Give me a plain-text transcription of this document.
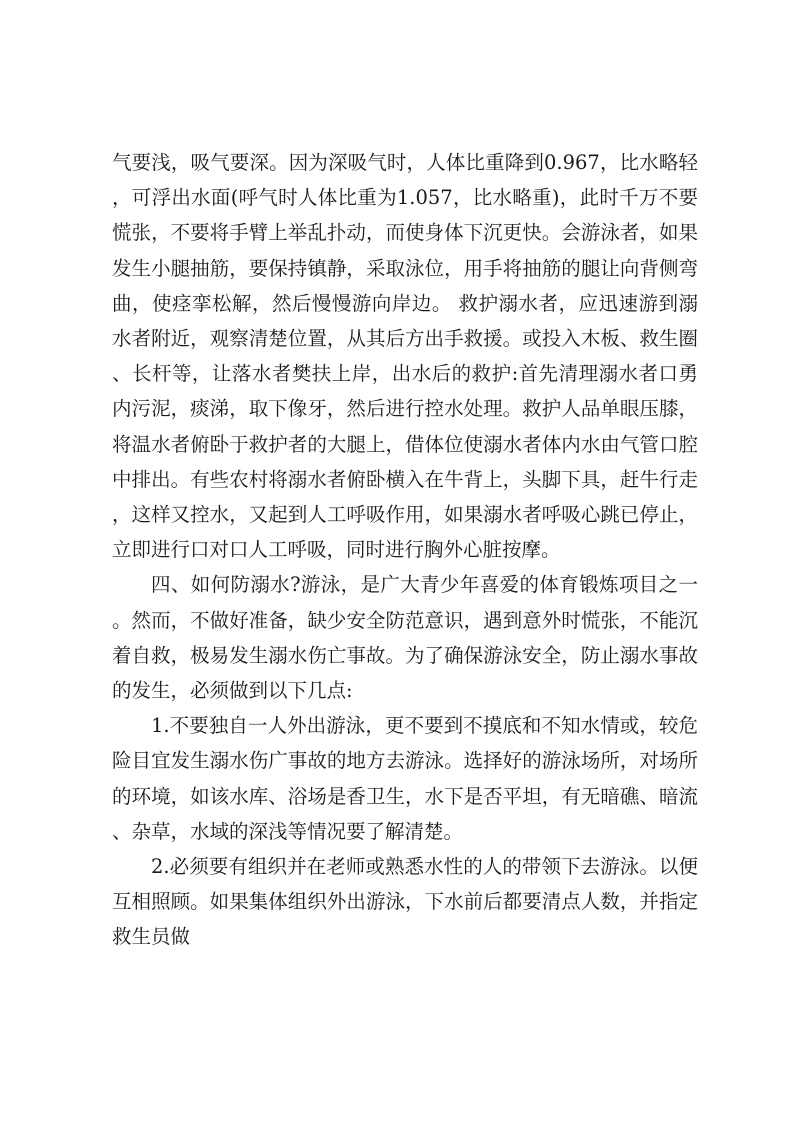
气要浅，吸气要深。因为深吸气时，人体比重降到0.967，比水略轻，可浮出水面(呼气时人体比重为1.057，比水略重)，此时千万不要慌张，不要将手臂上举乱扑动，而使身体下沉更快。会游泳者，如果发生小腿抽筋，要保持镇静，采取泳位，用手将抽筋的腿让向背侧弯曲，使痉挛松解，然后慢慢游向岸边。 救护溺水者，应迅速游到溺水者附近，观察清楚位置，从其后方出手救援。或投入木板、救生圈、长杆等，让落水者樊扶上岸，出水后的救护:首先清理溺水者口勇内污泥，痰涕，取下像牙，然后进行控水处理。救护人品单眼压膝，将温水者俯卧于救护者的大腿上，借体位使溺水者体内水由气管口腔中排出。有些农村将溺水者俯卧横入在牛背上，头脚下具，赶牛行走，这样又控水，又起到人工呼吸作用，如果溺水者呼吸心跳已停止，立即进行口对口人工呼吸，同时进行胸外心脏按摩。

四、如何防溺水?游泳，是广大青少年喜爱的体育锻炼项目之一。然而，不做好准备，缺少安全防范意识，遇到意外时慌张，不能沉着自救，极易发生溺水伤亡事故。为了确保游泳安全，防止溺水事故的发生，必须做到以下几点:

1.不要独自一人外出游泳，更不要到不摸底和不知水情或，较危险目宜发生溺水伤广事故的地方去游泳。选择好的游泳场所，对场所的环境，如该水库、浴场是香卫生，水下是否平坦，有无暗礁、暗流、杂草，水域的深浅等情况要了解清楚。

2.必须要有组织并在老师或熟悉水性的人的带领下去游泳。以便互相照顾。如果集体组织外出游泳，下水前后都要清点人数，并指定救生员做
